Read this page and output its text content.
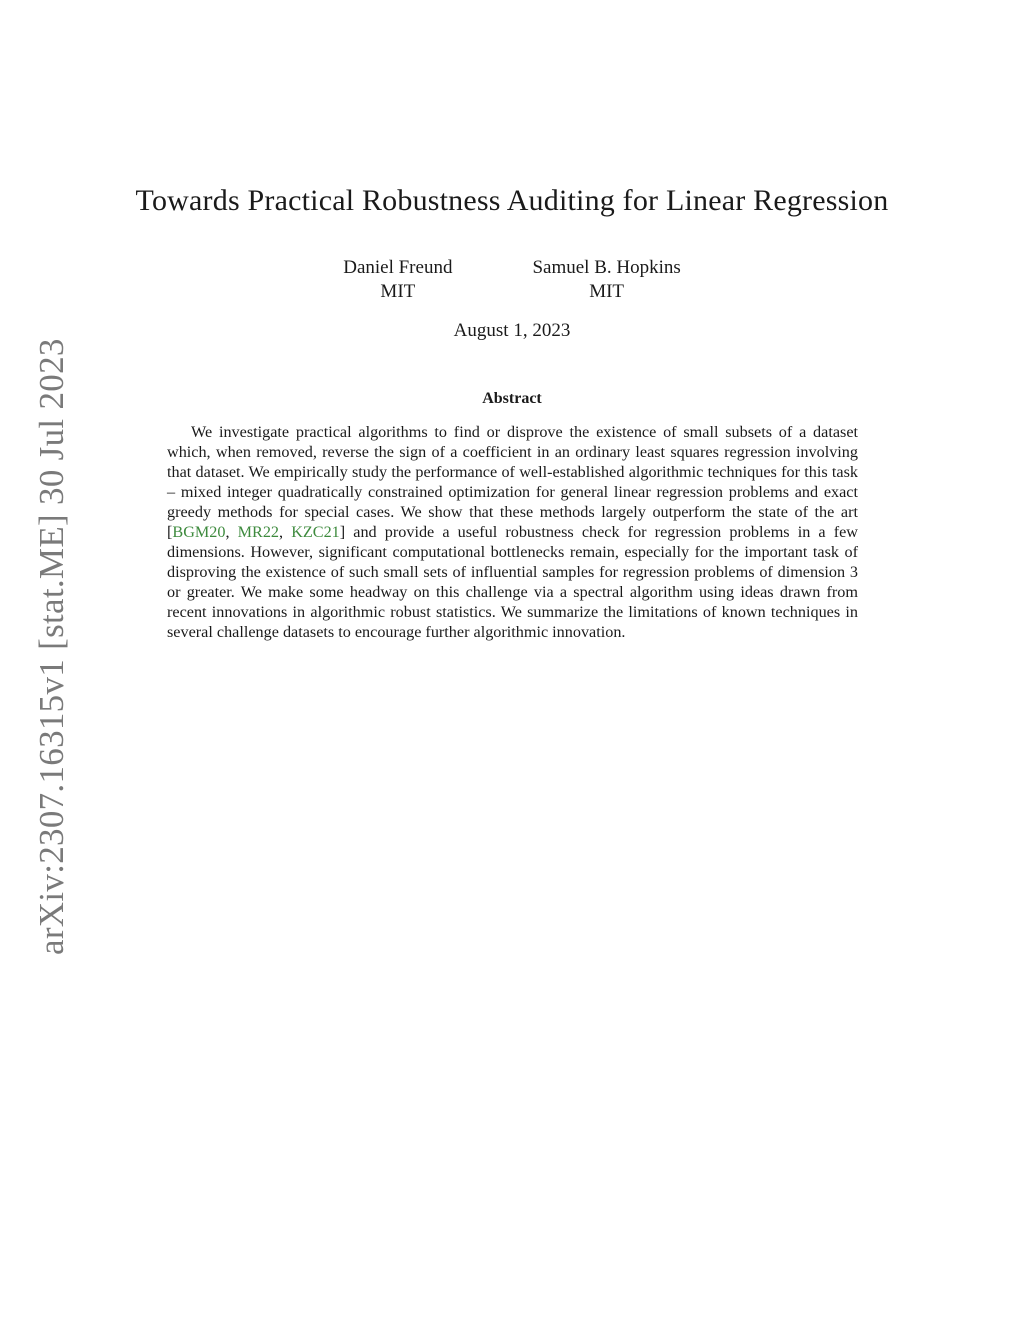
arXiv:2307.16315v1 [stat.ME] 30 Jul 2023
Towards Practical Robustness Auditing for Linear Regression
Daniel Freund
MIT
Samuel B. Hopkins
MIT
August 1, 2023
Abstract
We investigate practical algorithms to find or disprove the existence of small subsets of a dataset which, when removed, reverse the sign of a coefficient in an ordinary least squares regression involving that dataset. We empirically study the performance of well-established algorithmic techniques for this task – mixed integer quadratically constrained optimization for general linear regression problems and exact greedy methods for special cases. We show that these methods largely outperform the state of the art [BGM20, MR22, KZC21] and provide a useful robustness check for regression problems in a few dimensions. However, significant computational bottlenecks remain, especially for the important task of disproving the existence of such small sets of influential samples for regression problems of dimension 3 or greater. We make some headway on this challenge via a spectral algorithm using ideas drawn from recent innovations in algorithmic robust statistics. We summarize the limitations of known techniques in several challenge datasets to encourage further algorithmic innovation.
